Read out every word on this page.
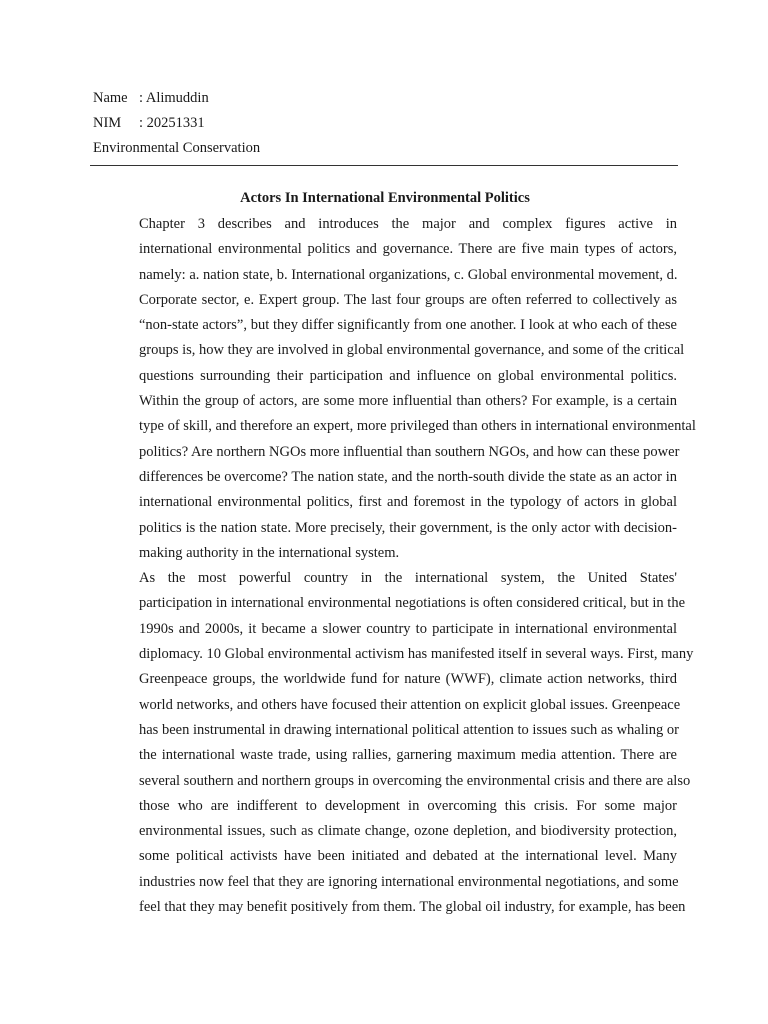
Name : Alimuddin
NIM : 20251331
Environmental Conservation
Actors In International Environmental Politics
Chapter 3 describes and introduces the major and complex figures active in
international environmental politics and governance. There are five main types of actors,
namely: a. nation state, b. International organizations, c. Global environmental movement, d.
Corporate sector, e. Expert group. The last four groups are often referred to collectively as
“non-state actors”, but they differ significantly from one another. I look at who each of these
groups is, how they are involved in global environmental governance, and some of the critical
questions surrounding their participation and influence on global environmental politics.
Within the group of actors, are some more influential than others? For example, is a certain
type of skill, and therefore an expert, more privileged than others in international environmental
politics? Are northern NGOs more influential than southern NGOs, and how can these power
differences be overcome? The nation state, and the north-south divide the state as an actor in
international environmental politics, first and foremost in the typology of actors in global
politics is the nation state. More precisely, their government, is the only actor with decision-
making authority in the international system.
As the most powerful country in the international system, the United States'
participation in international environmental negotiations is often considered critical, but in the
1990s and 2000s, it became a slower country to participate in international environmental
diplomacy. 10 Global environmental activism has manifested itself in several ways. First, many
Greenpeace groups, the worldwide fund for nature (WWF), climate action networks, third
world networks, and others have focused their attention on explicit global issues. Greenpeace
has been instrumental in drawing international political attention to issues such as whaling or
the international waste trade, using rallies, garnering maximum media attention. There are
several southern and northern groups in overcoming the environmental crisis and there are also
those who are indifferent to development in overcoming this crisis. For some major
environmental issues, such as climate change, ozone depletion, and biodiversity protection,
some political activists have been initiated and debated at the international level. Many
industries now feel that they are ignoring international environmental negotiations, and some
feel that they may benefit positively from them. The global oil industry, for example, has been
